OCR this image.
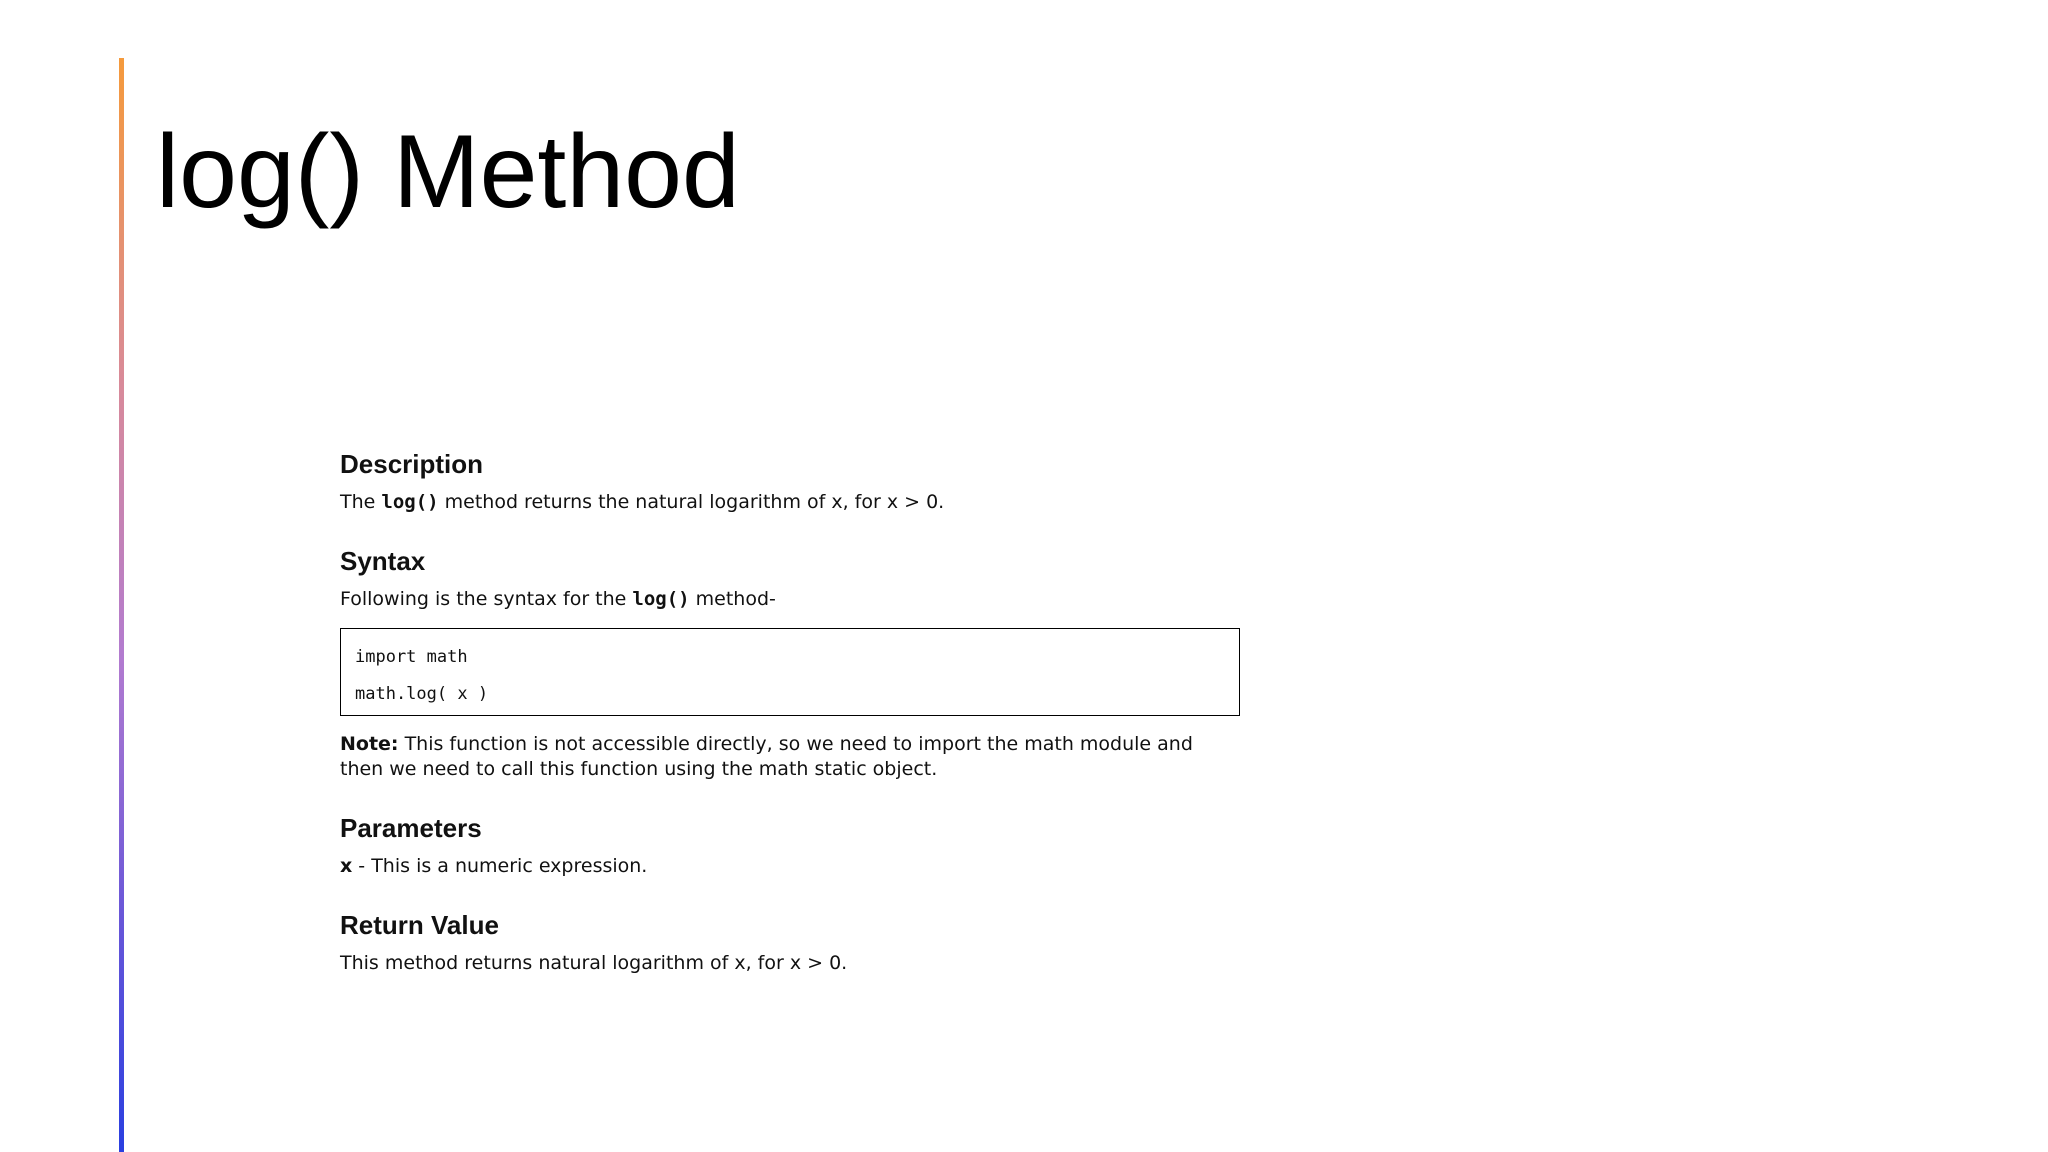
log() Method
Description

The log() method returns the natural logarithm of x, for x > 0.

Syntax

Following is the syntax for the log() method-

import math
math.log( x )

Note: This function is not accessible directly, so we need to import the math module and then we need to call this function using the math static object.

Parameters

x - This is a numeric expression.

Return Value

This method returns natural logarithm of x, for x > 0.
